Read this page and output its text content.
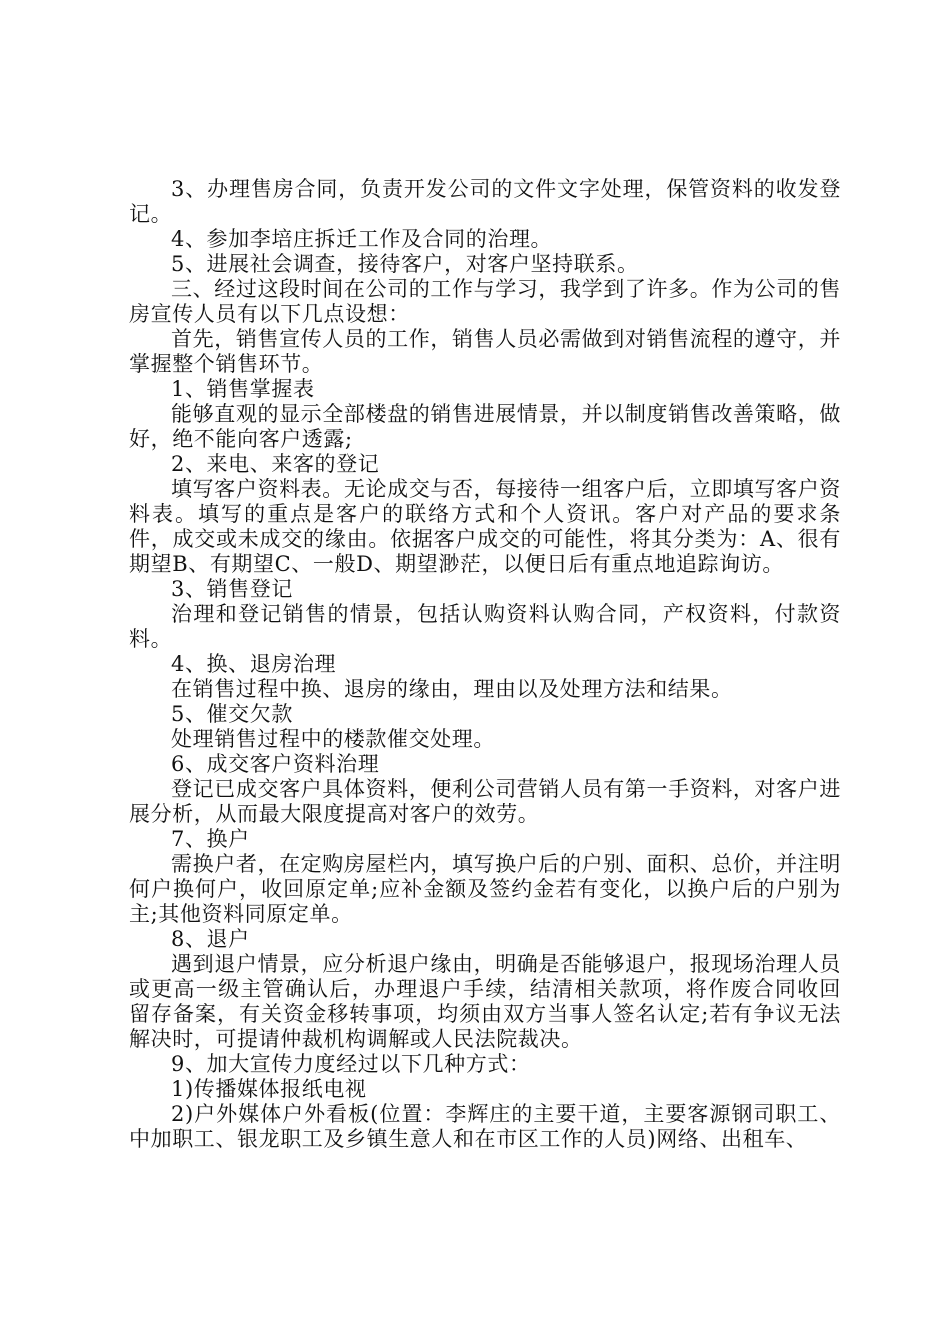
3、办理售房合同，负责开发公司的文件文字处理，保管资料的收发登记。

4、参加李培庄拆迁工作及合同的治理。

5、进展社会调查，接待客户，对客户坚持联系。

三、经过这段时间在公司的工作与学习，我学到了许多。作为公司的售房宣传人员有以下几点设想：

首先，销售宣传人员的工作，销售人员必需做到对销售流程的遵守，并掌握整个销售环节。

1、销售掌握表

能够直观的显示全部楼盘的销售进展情景，并以制度销售改善策略，做好，绝不能向客户透露;

2、来电、来客的登记

填写客户资料表。无论成交与否，每接待一组客户后，立即填写客户资料表。填写的重点是客户的联络方式和个人资讯。客户对产品的要求条件，成交或未成交的缘由。依据客户成交的可能性，将其分类为：A、很有期望B、有期望C、一般D、期望渺茫，以便日后有重点地追踪询访。

3、销售登记

治理和登记销售的情景，包括认购资料认购合同，产权资料，付款资料。

4、换、退房治理

在销售过程中换、退房的缘由，理由以及处理方法和结果。

5、催交欠款

处理销售过程中的楼款催交处理。

6、成交客户资料治理

登记已成交客户具体资料，便利公司营销人员有第一手资料，对客户进展分析，从而最大限度提高对客户的效劳。

7、换户

需换户者，在定购房屋栏内，填写换户后的户别、面积、总价，并注明何户换何户，收回原定单;应补金额及签约金若有变化，以换户后的户别为主;其他资料同原定单。

8、退户

遇到退户情景，应分析退户缘由，明确是否能够退户，报现场治理人员或更高一级主管确认后，办理退户手续，结清相关款项，将作废合同收回留存备案，有关资金移转事项，均须由双方当事人签名认定;若有争议无法解决时，可提请仲裁机构调解或人民法院裁决。

9、加大宣传力度经过以下几种方式：

1)传播媒体报纸电视

2)户外媒体户外看板(位置：李辉庄的主要干道，主要客源钢司职工、中加职工、银龙职工及乡镇生意人和在市区工作的人员)网络、出租车、
